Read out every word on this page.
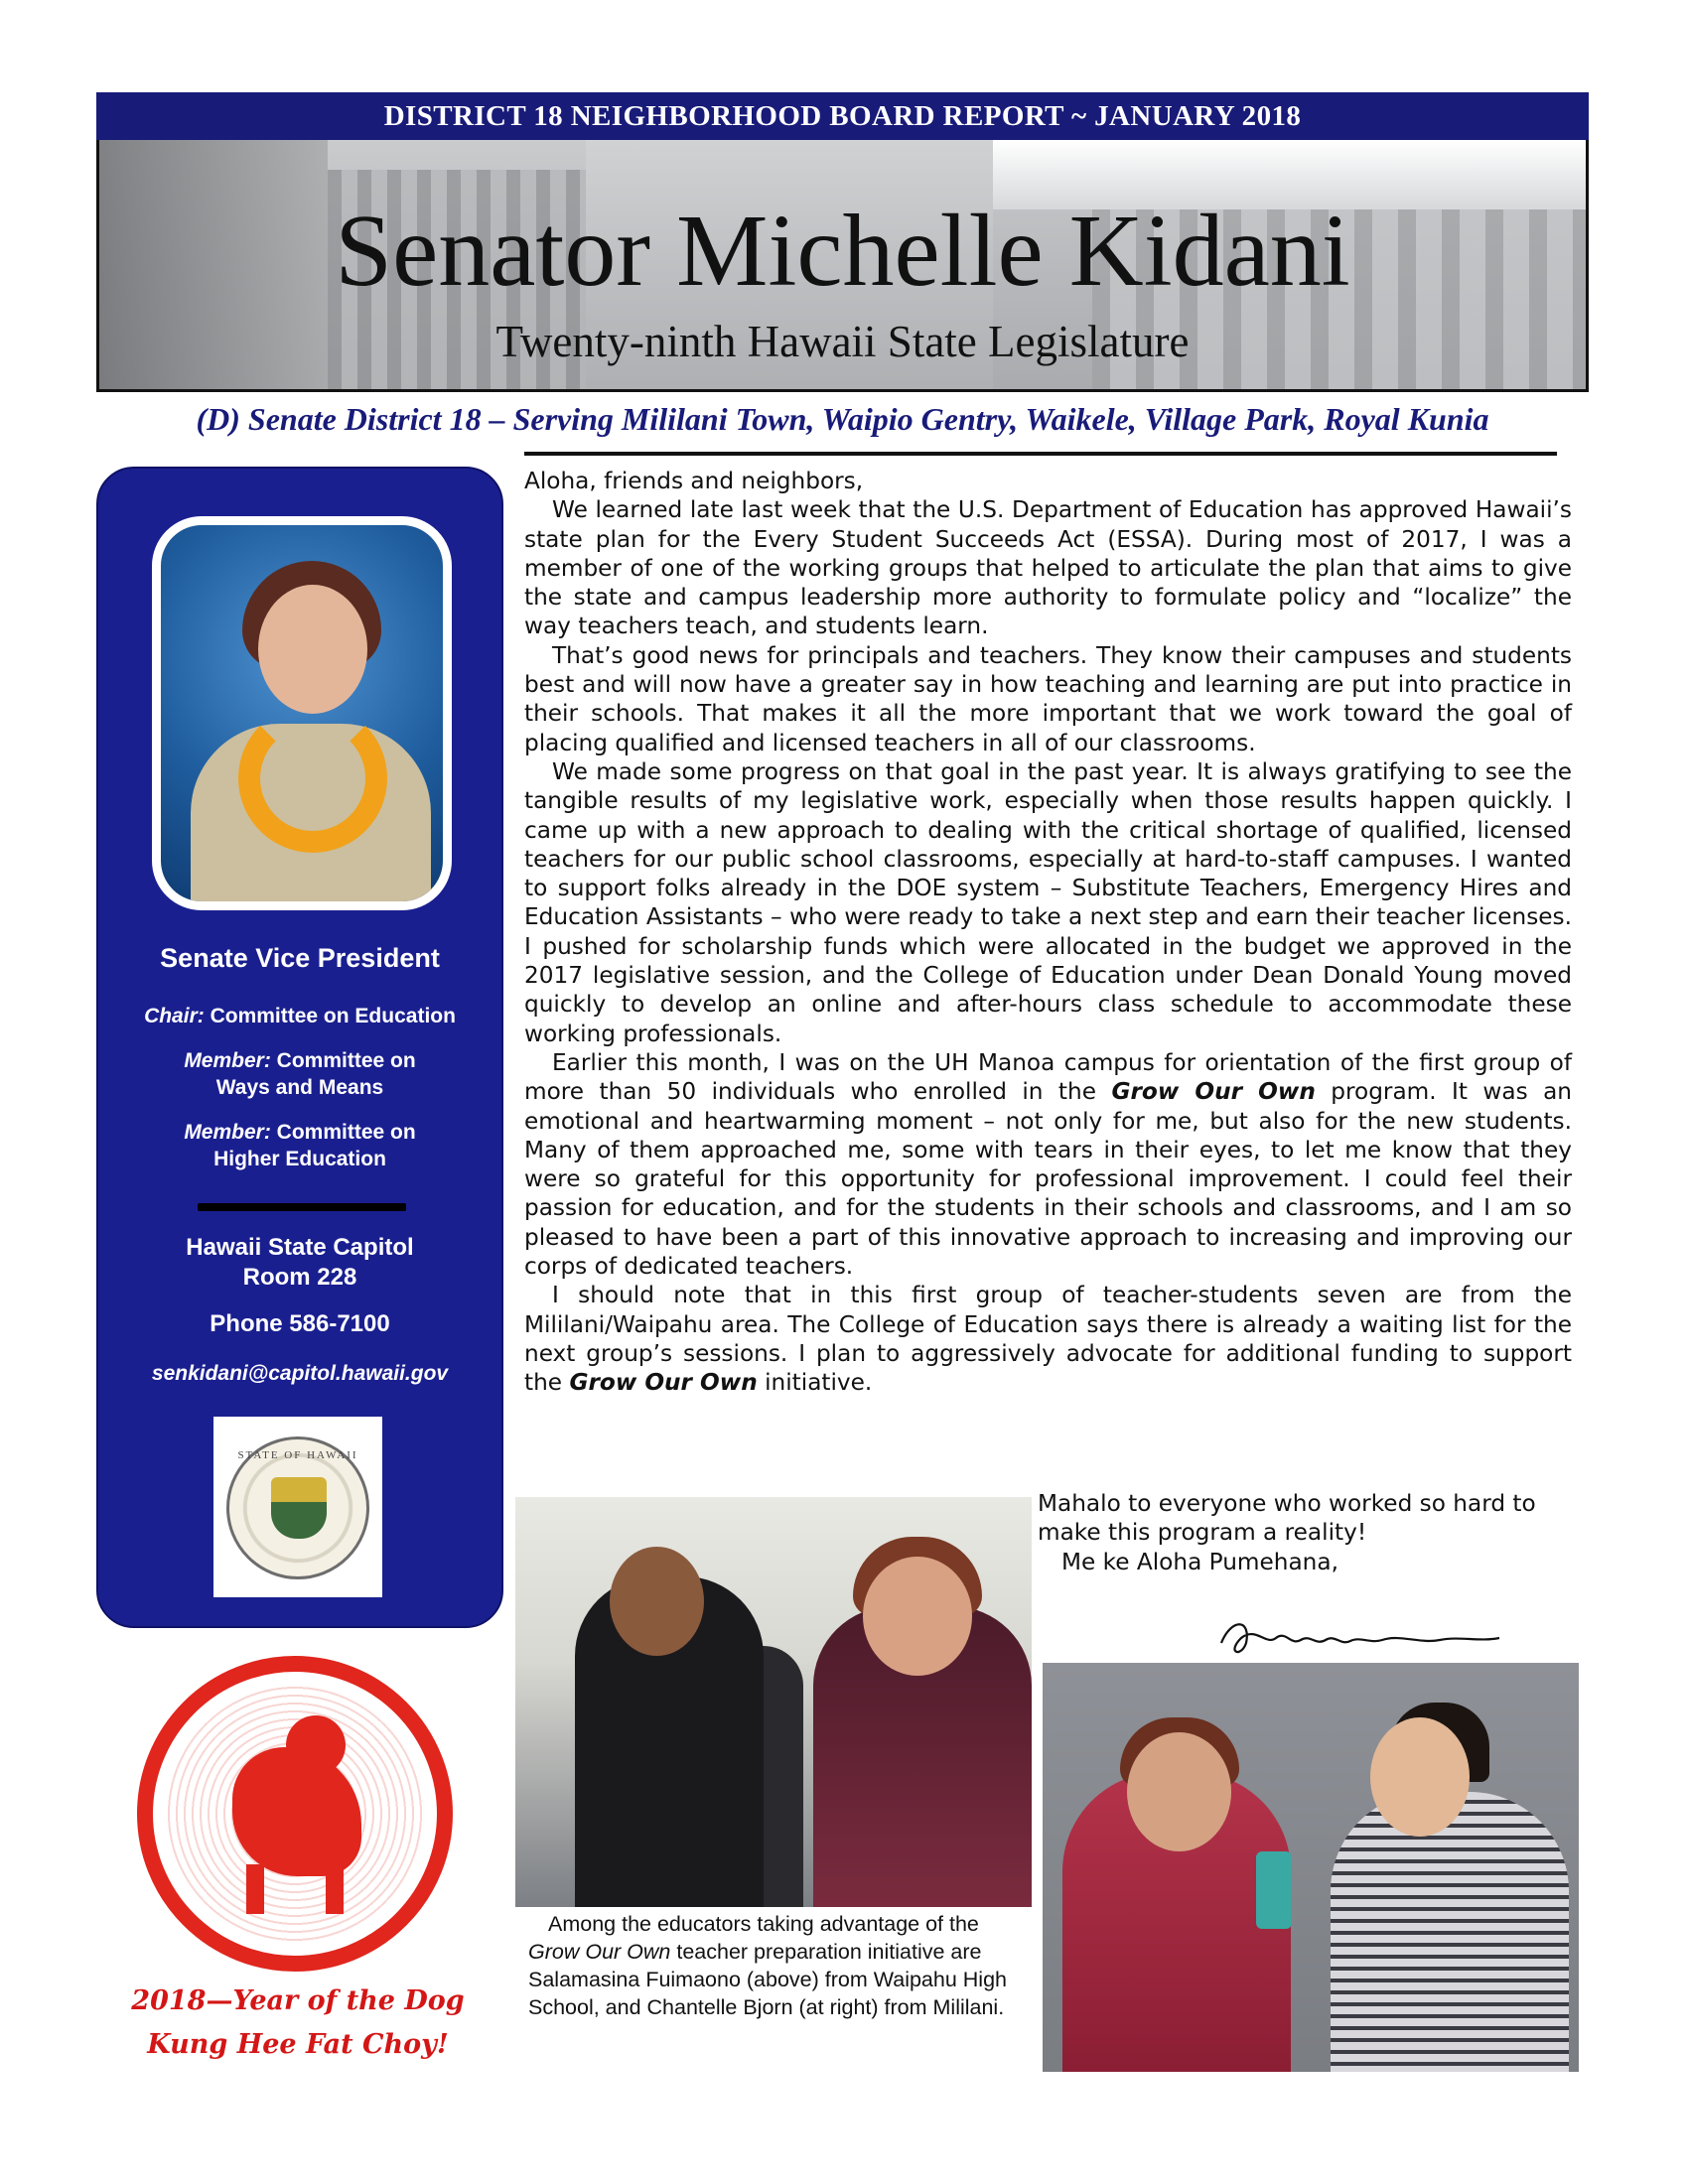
DISTRICT 18 NEIGHBORHOOD BOARD REPORT ~ JANUARY 2018
Senator Michelle Kidani
Twenty-ninth Hawaii State Legislature
(D) Senate District 18 – Serving Mililani Town, Waipio Gentry, Waikele, Village Park, Royal Kunia
Senate Vice President
Chair: Committee on Education
Member: Committee on Ways and Means
Member: Committee on Higher Education
Hawaii State Capitol
Room 228
Phone 586-7100
senkidani@capitol.hawaii.gov
STATE OF HAWAII
2018—Year of the Dog
Kung Hee Fat Choy!

Aloha, friends and neighbors,

We learned late last week that the U.S. Department of Education has approved Hawaii’s state plan for the Every Student Succeeds Act (ESSA). During most of 2017, I was a member of one of the working groups that helped to articulate the plan that aims to give the state and campus leadership more authority to formulate policy and “localize” the way teachers teach, and students learn.

That’s good news for principals and teachers. They know their campuses and students best and will now have a greater say in how teaching and learning are put into practice in their schools. That makes it all the more important that we work toward the goal of placing qualified and licensed teachers in all of our classrooms.

We made some progress on that goal in the past year. It is always gratifying to see the tangible results of my legislative work, especially when those results happen quickly. I came up with a new approach to dealing with the critical shortage of qualified, licensed teachers for our public school classrooms, especially at hard-to-staff campuses. I wanted to support folks already in the DOE system – Substitute Teachers, Emergency Hires and Education Assistants – who were ready to take a next step and earn their teacher licenses. I pushed for scholarship funds which were allocated in the budget we approved in the 2017 legislative session, and the College of Education under Dean Donald Young moved quickly to develop an online and after-hours class schedule to accommodate these working professionals.

Earlier this month, I was on the UH Manoa campus for orientation of the first group of more than 50 individuals who enrolled in the Grow Our Own program. It was an emotional and heartwarming moment – not only for me, but also for the new students. Many of them approached me, some with tears in their eyes, to let me know that they were so grateful for this opportunity for professional improvement. I could feel their passion for education, and for the students in their schools and classrooms, and I am so pleased to have been a part of this innovative approach to increasing and improving our corps of dedicated teachers.

I should note that in this first group of teacher-students seven are from the Mililani/Waipahu area. The College of Education says there is already a waiting list for the next group’s sessions. I plan to aggressively advocate for additional funding to support the Grow Our Own initiative.

Mahalo to everyone who worked so hard to make this program a reality!
Me ke Aloha Pumehana,
Among the educators taking advantage of the Grow Our Own teacher preparation initiative are Salamasina Fuimaono (above) from Waipahu High School, and Chantelle Bjorn (at right) from Mililani.
